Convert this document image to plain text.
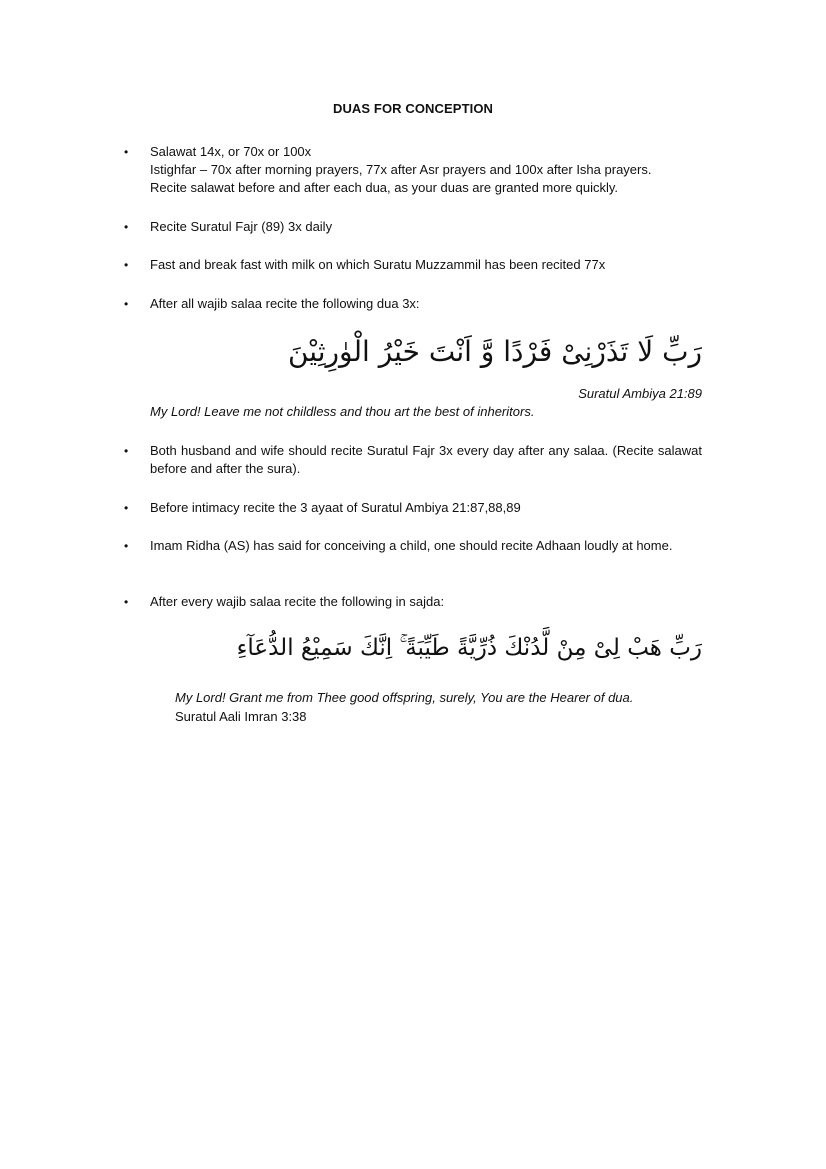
DUAS FOR CONCEPTION
• Salawat 14x, or 70x or 100x
Istighfar – 70x after morning prayers, 77x after Asr prayers and 100x after Isha prayers.
Recite salawat before and after each dua, as your duas are granted more quickly.
• Recite Suratul Fajr (89) 3x daily
• Fast and break fast with milk on which Suratu Muzzammil has been recited 77x
• After all wajib salaa recite the following dua 3x:
رَبِّ لَا تَذَرْنِىْ فَرْدًا وَّ اَنْتَ خَيْرُ الْوٰرِثِيْنَ
Suratul Ambiya 21:89
My Lord! Leave me not childless and thou art the best of inheritors.
• Both husband and wife should recite Suratul Fajr 3x every day after any salaa. (Recite salawat before and after the sura).
• Before intimacy recite the 3 ayaat of Suratul Ambiya 21:87,88,89
• Imam Ridha (AS) has said for conceiving a child, one should recite Adhaan loudly at home.
• After every wajib salaa recite the following in sajda:
رَبِّ هَبْ لِىْ مِنْ لَّدُنْكَ ذُرِّيَّةً طَيِّبَةً ۚ اِنَّكَ سَمِيْعُ الدُّعَآءِ
My Lord! Grant me from Thee good offspring, surely, You are the Hearer of dua.
Suratul Aali Imran 3:38
